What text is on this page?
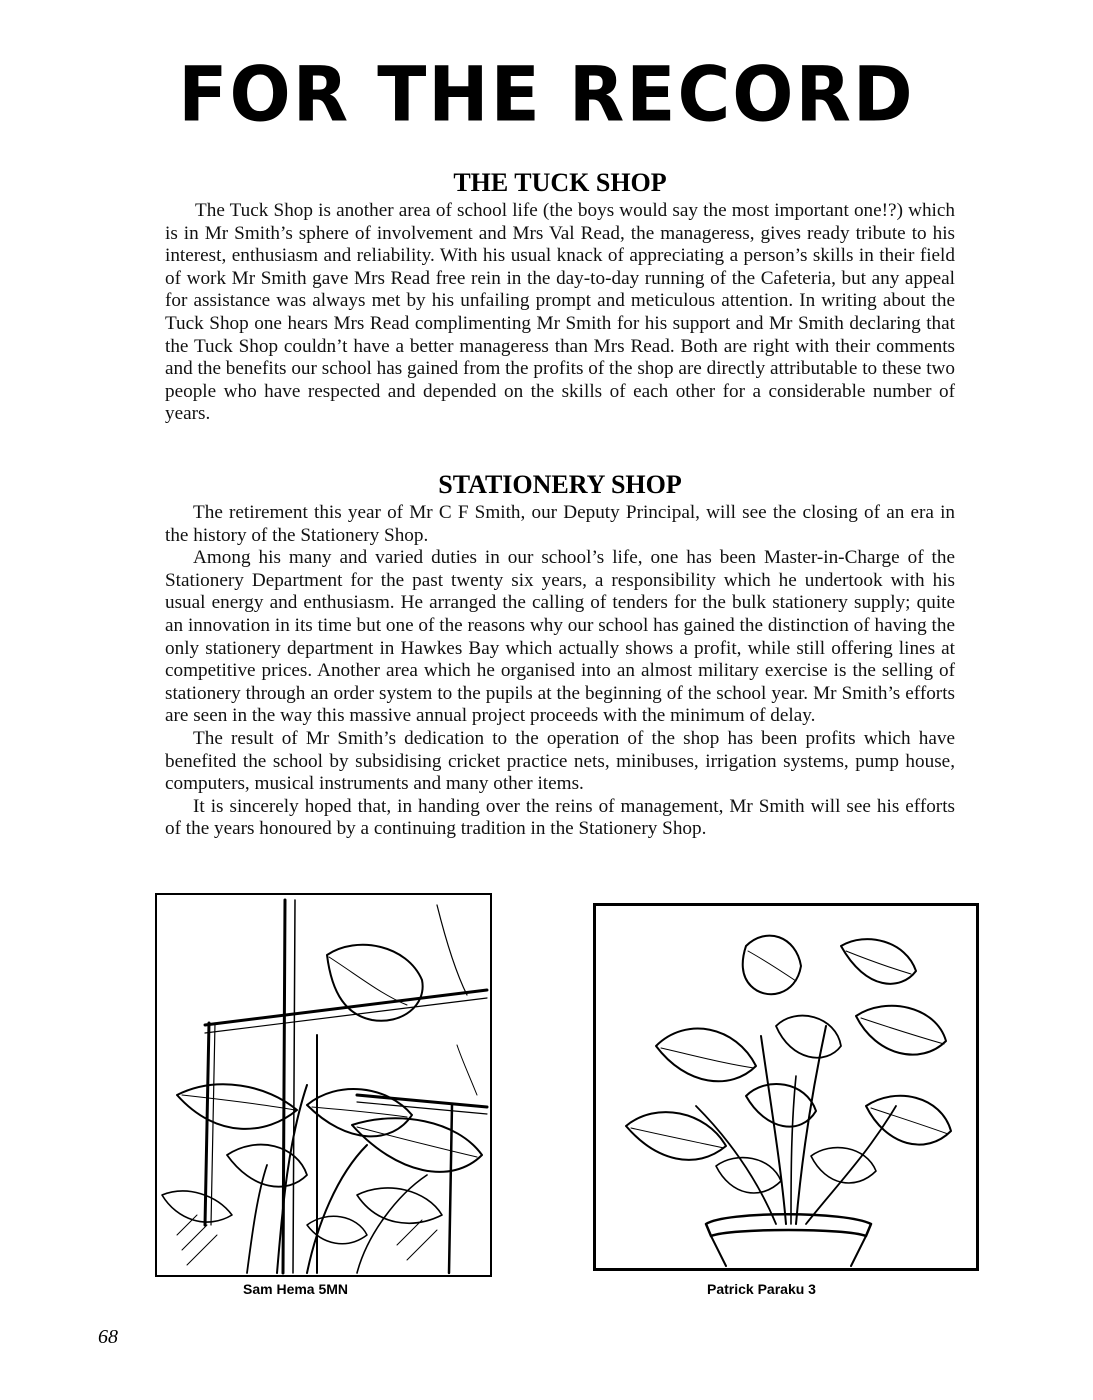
FOR THE RECORD
THE TUCK SHOP

The Tuck Shop is another area of school life (the boys would say the most important one!?) which is in Mr Smith’s sphere of involvement and Mrs Val Read, the manageress, gives ready tribute to his interest, enthusiasm and reliability. With his usual knack of appreciating a person’s skills in their field of work Mr Smith gave Mrs Read free rein in the day-to-day running of the Cafeteria, but any appeal for assistance was always met by his unfailing prompt and meticulous attention. In writing about the Tuck Shop one hears Mrs Read complimenting Mr Smith for his support and Mr Smith declaring that the Tuck Shop couldn’t have a better manageress than Mrs Read. Both are right with their comments and the benefits our school has gained from the profits of the shop are directly attributable to these two people who have respected and depended on the skills of each other for a considerable number of years.

STATIONERY SHOP

The retirement this year of Mr C F Smith, our Deputy Principal, will see the closing of an era in the history of the Stationery Shop.

Among his many and varied duties in our school’s life, one has been Master-in-Charge of the Stationery Department for the past twenty six years, a responsibility which he undertook with his usual energy and enthusiasm. He arranged the calling of tenders for the bulk stationery supply; quite an innovation in its time but one of the reasons why our school has gained the distinction of having the only stationery department in Hawkes Bay which actually shows a profit, while still offering lines at competitive prices. Another area which he organised into an almost military exercise is the selling of stationery through an order system to the pupils at the beginning of the school year. Mr Smith’s efforts are seen in the way this massive annual project proceeds with the minimum of delay.

The result of Mr Smith’s dedication to the operation of the shop has been profits which have benefited the school by subsidising cricket practice nets, minibuses, irrigation systems, pump house, computers, musical instruments and many other items.

It is sincerely hoped that, in handing over the reins of management, Mr Smith will see his efforts of the years honoured by a continuing tradition in the Stationery Shop.

Sam Hema 5MN	Patrick Paraku 3
68
